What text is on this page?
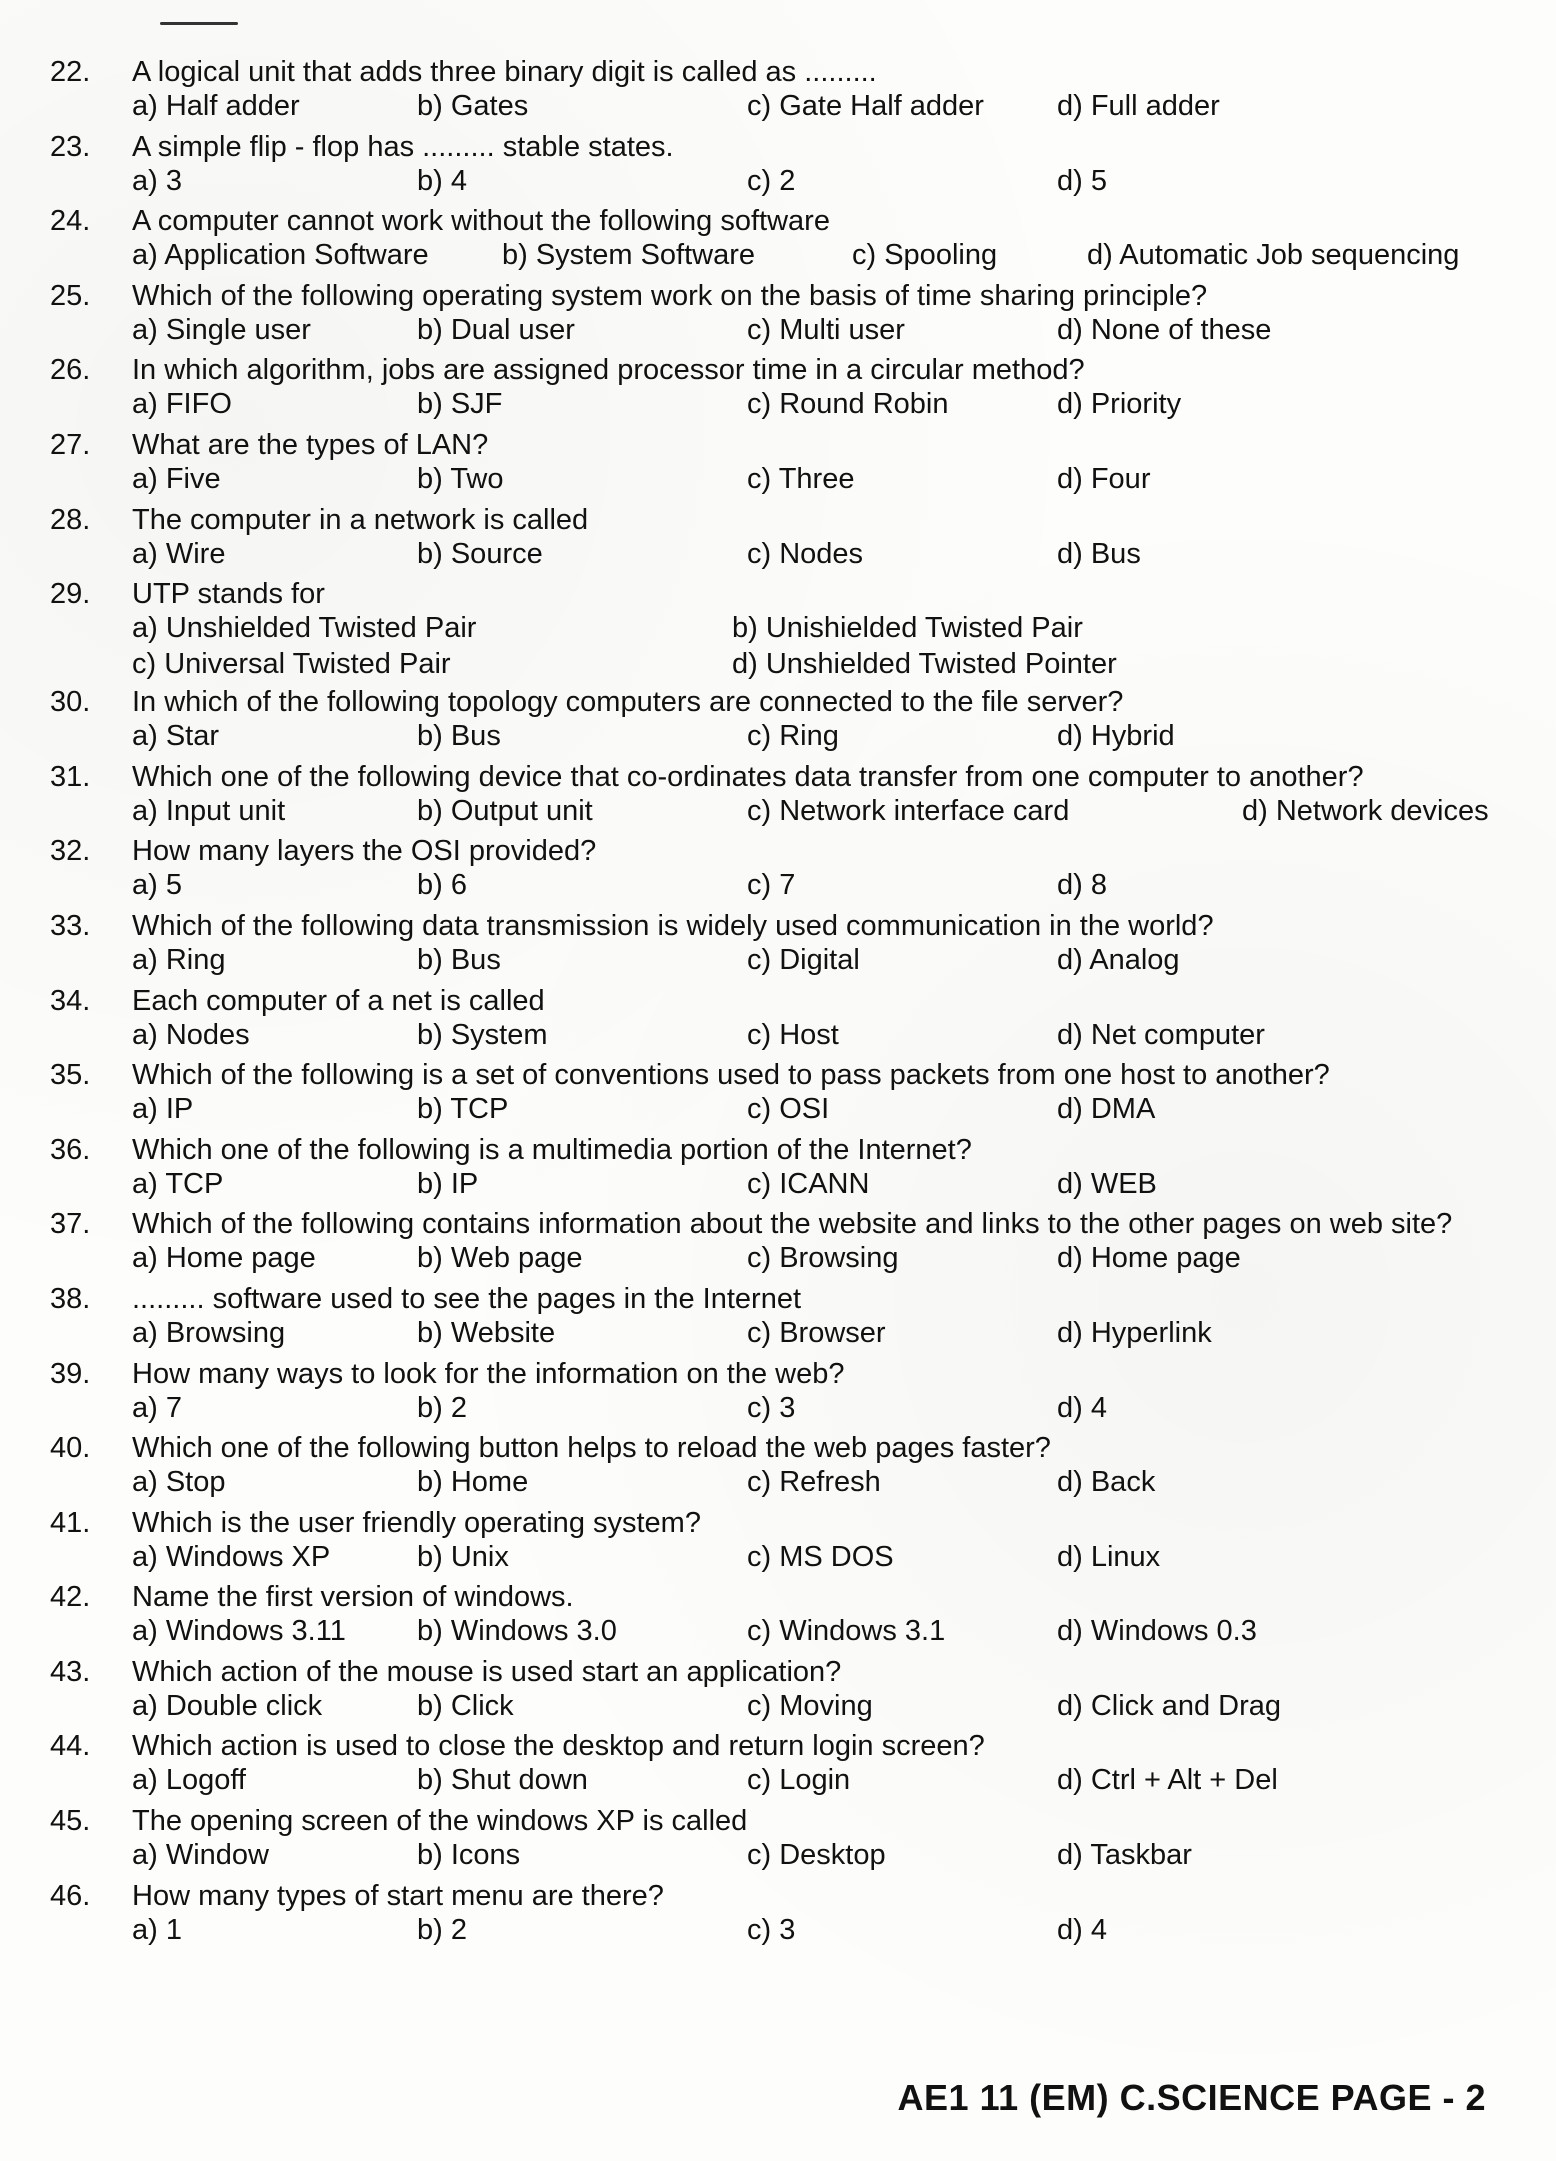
22.	A logical unit that adds three binary digit is called as .........
a) Half adder	b) Gates	c) Gate Half adder	d) Full adder
23.	A simple flip - flop has ......... stable states.
a) 3	b) 4	c) 2	d) 5
24.	A computer cannot work without the following software
a) Application Software	b) System Software	c) Spooling	d) Automatic Job sequencing
25.	Which of the following operating system work on the basis of time sharing principle?
a) Single user	b) Dual user	c) Multi user	d) None of these
26.	In which algorithm, jobs are assigned processor time in a circular method?
a) FIFO	b) SJF	c) Round Robin	d) Priority
27.	What are the types of LAN?
a) Five	b) Two	c) Three	d) Four
28.	The computer in a network is called
a) Wire	b) Source	c) Nodes	d) Bus
29.	UTP stands for
a) Unshielded Twisted Pair	b) Unishielded Twisted Pair
c) Universal Twisted Pair	d) Unshielded Twisted Pointer
30.	In which of the following topology computers are connected to the file server?
a) Star	b) Bus	c) Ring	d) Hybrid
31.	Which one of the following device that co-ordinates data transfer from one computer to another?
a) Input unit	b) Output unit	c) Network interface card	d) Network devices
32.	How many layers the OSI provided?
a) 5	b) 6	c) 7	d) 8
33.	Which of the following data transmission is widely used communication in the world?
a) Ring	b) Bus	c) Digital	d) Analog
34.	Each computer of a net is called
a) Nodes	b) System	c) Host	d) Net computer
35.	Which of the following is a set of conventions used to pass packets from one host to another?
a) IP	b) TCP	c) OSI	d) DMA
36.	Which one of the following is a multimedia portion of the Internet?
a) TCP	b) IP	c) ICANN	d) WEB
37.	Which of the following contains information about the website and links to the other pages on web site?
a) Home page	b) Web page	c) Browsing	d) Home page
38.	......... software used to see the pages in the Internet
a) Browsing	b) Website	c) Browser	d) Hyperlink
39.	How many ways to look for the information on the web?
a) 7	b) 2	c) 3	d) 4
40.	Which one of the following button helps to reload the web pages faster?
a) Stop	b) Home	c) Refresh	d) Back
41.	Which is the user friendly operating system?
a) Windows XP	b) Unix	c) MS DOS	d) Linux
42.	Name the first version of windows.
a) Windows 3.11 b) Windows 3.0	c) Windows 3.1	d) Windows 0.3
43.	Which action of the mouse is used start an application?
a) Double click	b) Click	c) Moving	d) Click and Drag
44.	Which action is used to close the desktop and return login screen?
a) Logoff	b) Shut down	c) Login	d) Ctrl + Alt + Del
45.	The opening screen of the windows XP is called
a) Window	b) Icons	c) Desktop	d) Taskbar
46.	How many types of start menu are there?
a) 1	b) 2	c) 3	d) 4
AE1 11 (EM) C.SCIENCE PAGE - 2
